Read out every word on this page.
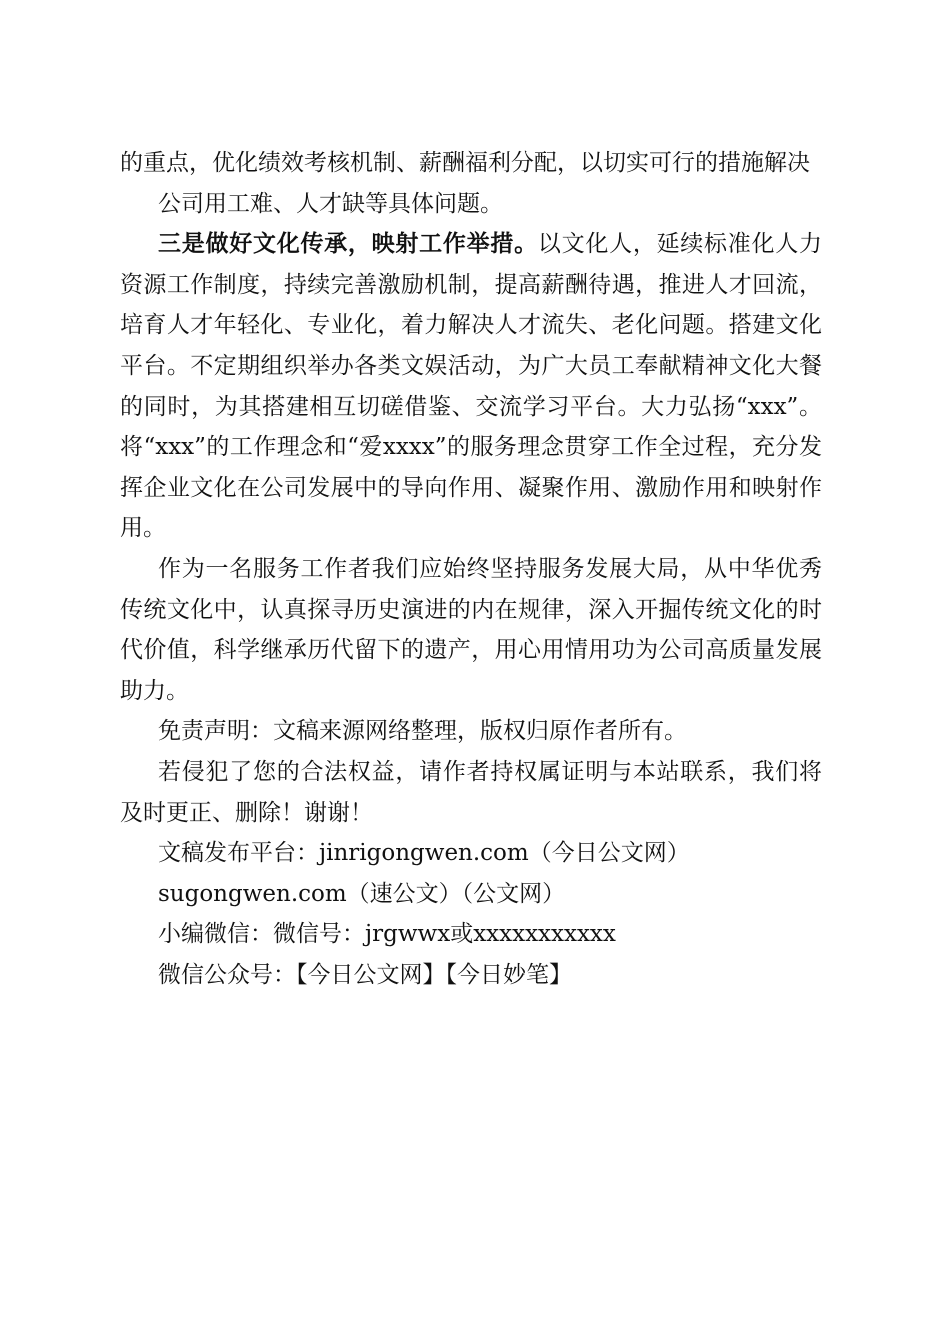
的重点，优化绩效考核机制、薪酬福利分配，以切实可行的措施解决

公司用工难、人才缺等具体问题。

三是做好文化传承，映射工作举措。以文化人，延续标准化人力资源工作制度，持续完善激励机制，提高薪酬待遇，推进人才回流，培育人才年轻化、专业化，着力解决人才流失、老化问题。搭建文化平台。不定期组织举办各类文娱活动，为广大员工奉献精神文化大餐的同时，为其搭建相互切磋借鉴、交流学习平台。大力弘扬“xxx”。将“xxx”的工作理念和“爱xxxx”的服务理念贯穿工作全过程，充分发挥企业文化在公司发展中的导向作用、凝聚作用、激励作用和映射作用。

作为一名服务工作者我们应始终坚持服务发展大局，从中华优秀传统文化中，认真探寻历史演进的内在规律，深入开掘传统文化的时代价值，科学继承历代留下的遗产，用心用情用功为公司高质量发展助力。

免责声明：文稿来源网络整理，版权归原作者所有。

若侵犯了您的合法权益，请作者持权属证明与本站联系，我们将及时更正、删除！谢谢！

文稿发布平台：jinrigongwen.com（今日公文网）

sugongwen.com（速公文）（公文网）

小编微信：微信号：jrgwwx或xxxxxxxxxxx

微信公众号：【今日公文网】【今日妙笔】
